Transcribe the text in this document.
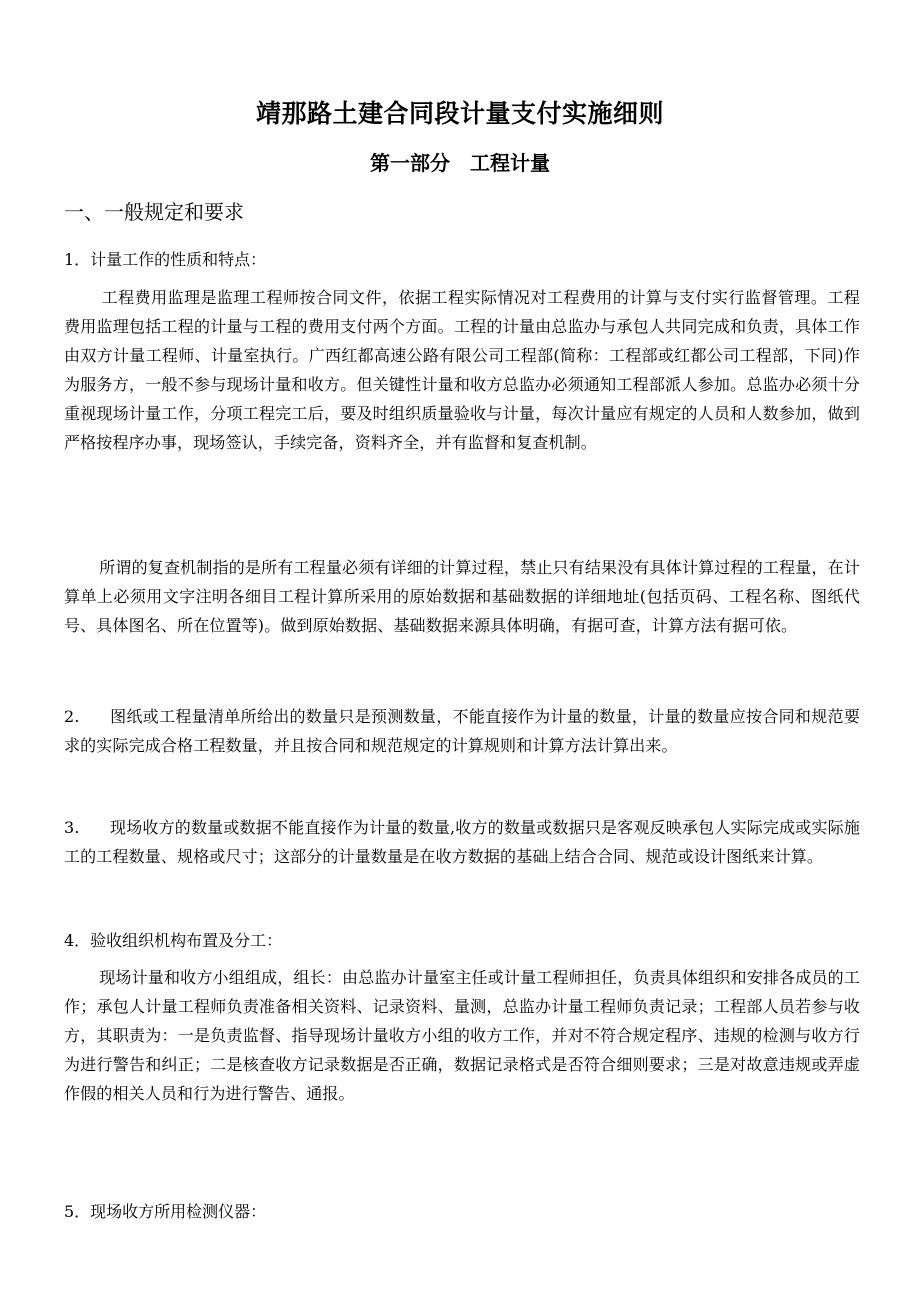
靖那路土建合同段计量支付实施细则
第一部分　工程计量
一、一般规定和要求
1．计量工作的性质和特点：
工程费用监理是监理工程师按合同文件，依据工程实际情况对工程费用的计算与支付实行监督管理。工程费用监理包括工程的计量与工程的费用支付两个方面。工程的计量由总监办与承包人共同完成和负责，具体工作由双方计量工程师、计量室执行。广西红都高速公路有限公司工程部(简称：工程部或红都公司工程部，下同)作为服务方，一般不参与现场计量和收方。但关键性计量和收方总监办必须通知工程部派人参加。总监办必须十分重视现场计量工作，分项工程完工后，要及时组织质量验收与计量，每次计量应有规定的人员和人数参加，做到严格按程序办事，现场签认，手续完备，资料齐全，并有监督和复查机制。
所谓的复查机制指的是所有工程量必须有详细的计算过程，禁止只有结果没有具体计算过程的工程量，在计算单上必须用文字注明各细目工程计算所采用的原始数据和基础数据的详细地址(包括页码、工程名称、图纸代号、具体图名、所在位置等)。做到原始数据、基础数据来源具体明确，有据可查，计算方法有据可依。
2. 图纸或工程量清单所给出的数量只是预测数量，不能直接作为计量的数量，计量的数量应按合同和规范要求的实际完成合格工程数量，并且按合同和规范规定的计算规则和计算方法计算出来。
3. 现场收方的数量或数据不能直接作为计量的数量,收方的数量或数据只是客观反映承包人实际完成或实际施工的工程数量、规格或尺寸；这部分的计量数量是在收方数据的基础上结合合同、规范或设计图纸来计算。
4．验收组织机构布置及分工：
现场计量和收方小组组成，组长：由总监办计量室主任或计量工程师担任，负责具体组织和安排各成员的工作；承包人计量工程师负责准备相关资料、记录资料、量测，总监办计量工程师负责记录；工程部人员若参与收方，其职责为：一是负责监督、指导现场计量收方小组的收方工作，并对不符合规定程序、违规的检测与收方行为进行警告和纠正；二是核查收方记录数据是否正确，数据记录格式是否符合细则要求；三是对故意违规或弄虚作假的相关人员和行为进行警告、通报。
5．现场收方所用检测仪器：
